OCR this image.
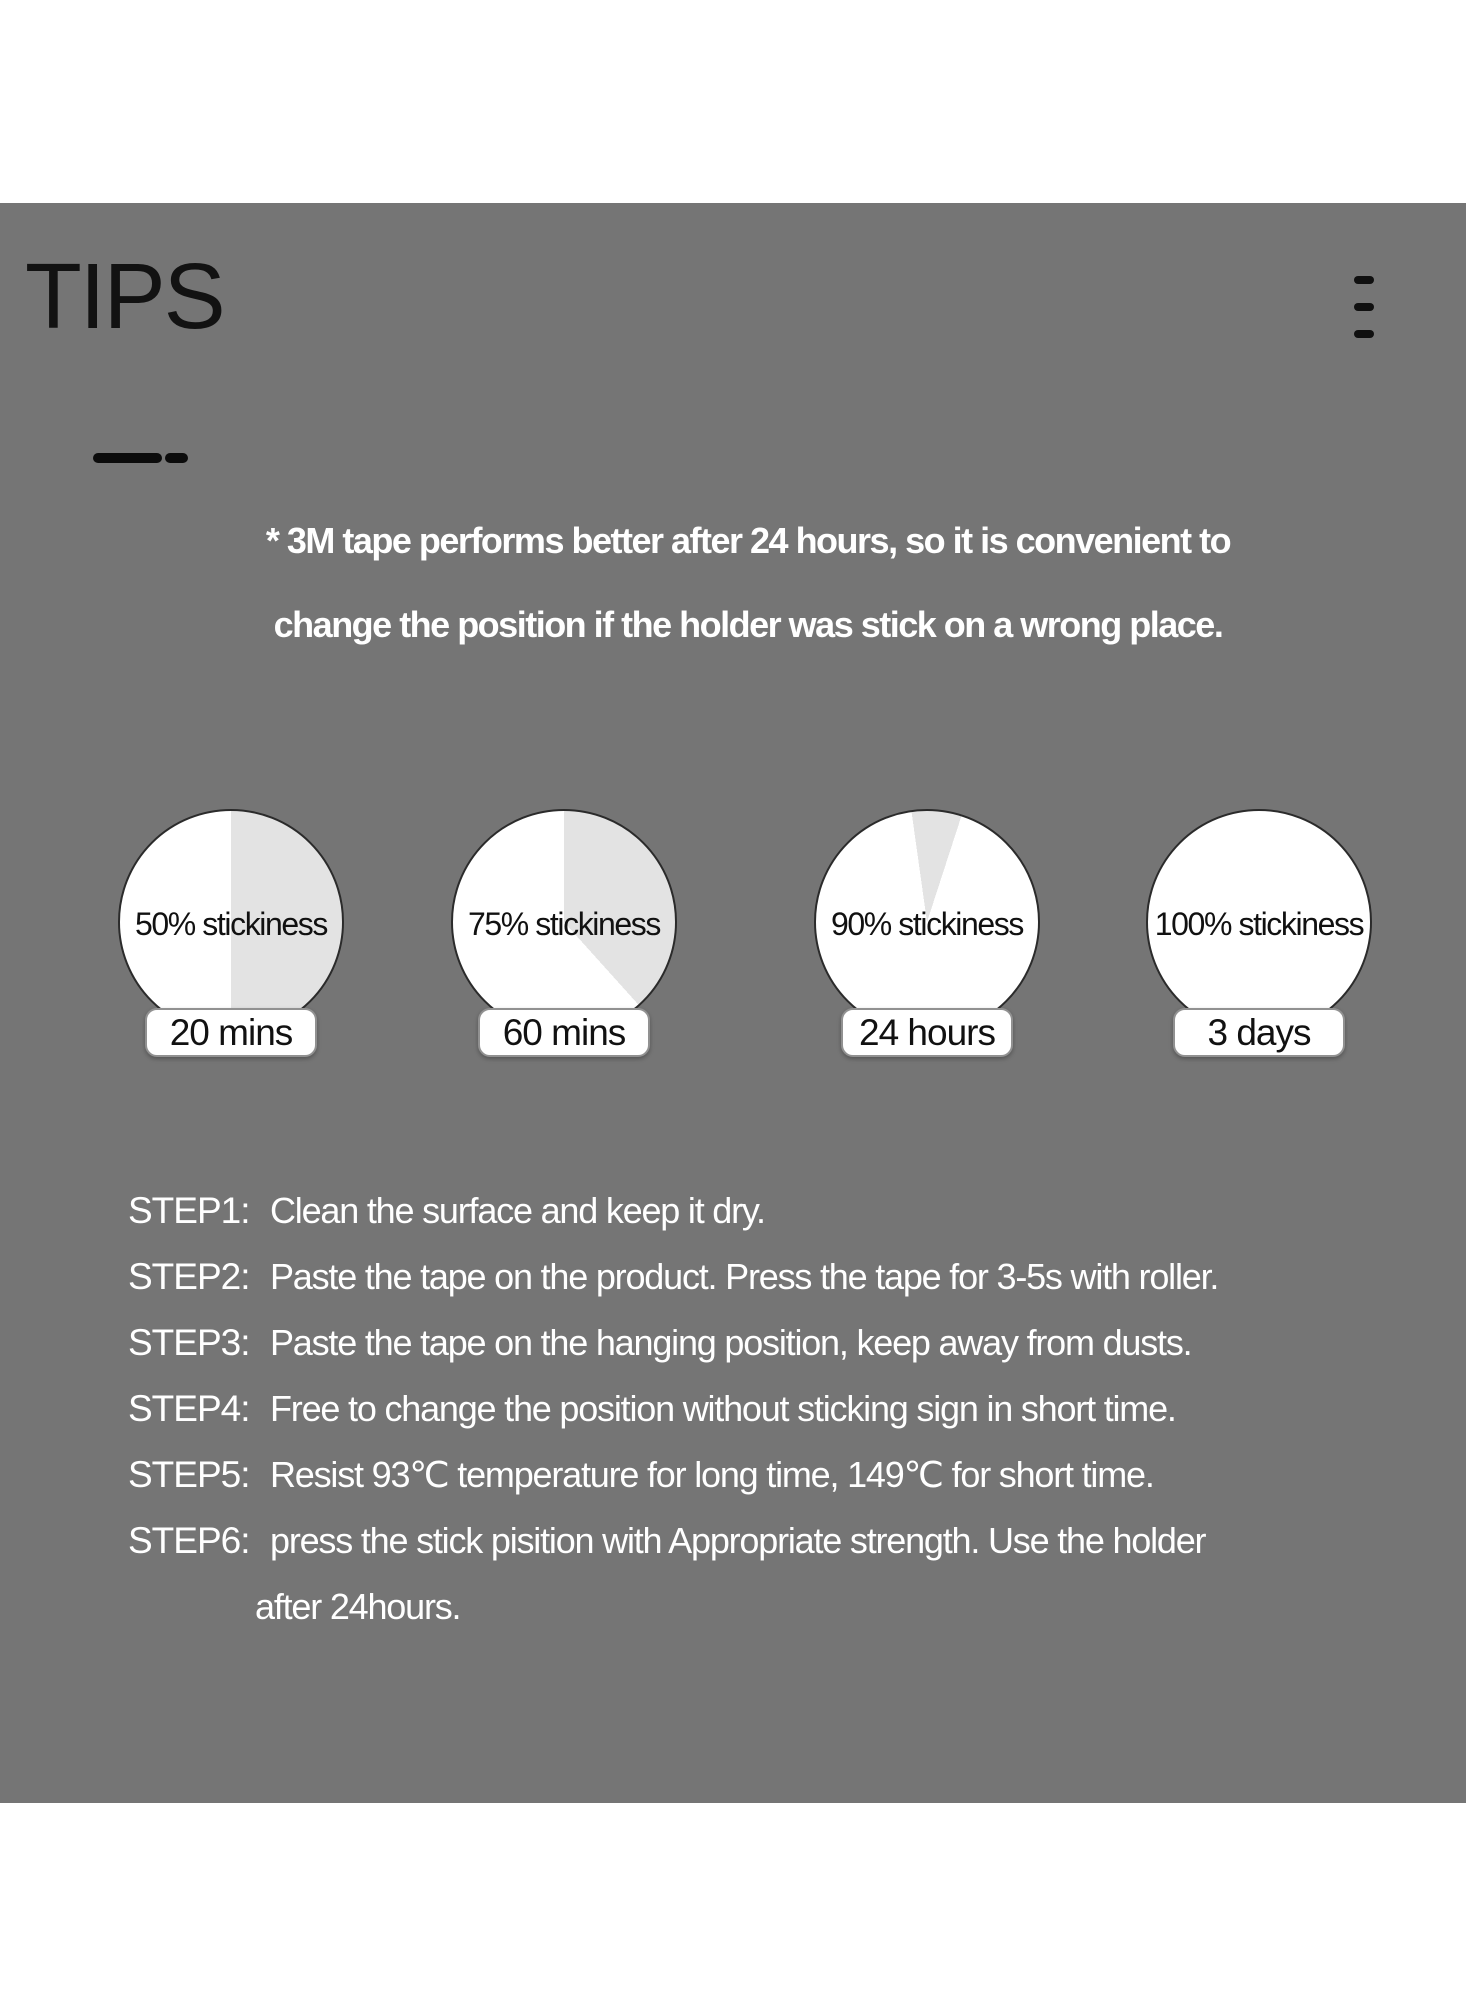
TIPS
* 3M tape performs better after 24 hours, so it is convenient to
change the position if the holder was stick on a wrong place.
50% stickiness
20 mins
75% stickiness
60 mins
90% stickiness
24 hours
100% stickiness
3 days
STEP1: Clean the surface and keep it dry.
STEP2: Paste the tape on the product. Press the tape for 3-5s with roller.
STEP3: Paste the tape on the hanging position, keep away from dusts.
STEP4: Free to change the position without sticking sign in short time.
STEP5: Resist 93℃ temperature for long time, 149℃ for short time.
STEP6: press the stick pisition with Appropriate strength. Use the holder
after 24hours.
